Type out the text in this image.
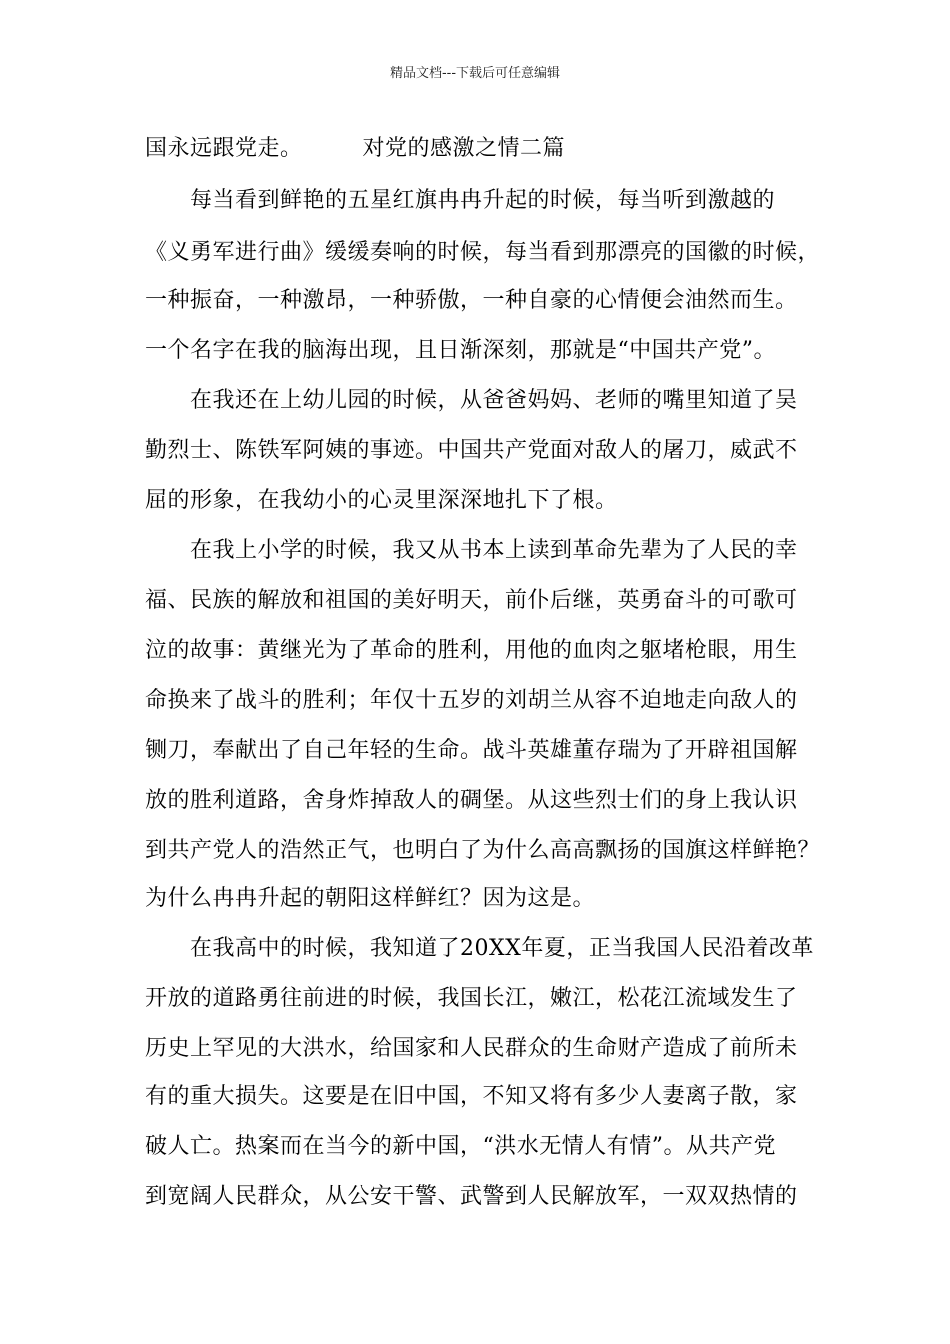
精品文档---下载后可任意编辑
国永远跟党走。	对党的感激之情二篇
每当看到鲜艳的五星红旗冉冉升起的时候，每当听到激越的
《义勇军进行曲》缓缓奏响的时候，每当看到那漂亮的国徽的时候，
一种振奋，一种激昂，一种骄傲，一种自豪的心情便会油然而生。
一个名字在我的脑海出现，且日渐深刻，那就是“中国共产党”。
在我还在上幼儿园的时候，从爸爸妈妈、老师的嘴里知道了吴
勤烈士、陈铁军阿姨的事迹。中国共产党面对敌人的屠刀，威武不
屈的形象，在我幼小的心灵里深深地扎下了根。
在我上小学的时候，我又从书本上读到革命先辈为了人民的幸
福、民族的解放和祖国的美好明天，前仆后继，英勇奋斗的可歌可
泣的故事：黄继光为了革命的胜利，用他的血肉之躯堵枪眼，用生
命换来了战斗的胜利；年仅十五岁的刘胡兰从容不迫地走向敌人的
铡刀，奉献出了自己年轻的生命。战斗英雄董存瑞为了开辟祖国解
放的胜利道路，舍身炸掉敌人的碉堡。从这些烈士们的身上我认识
到共产党人的浩然正气，也明白了为什么高高飘扬的国旗这样鲜艳？
为什么冉冉升起的朝阳这样鲜红？因为这是。
在我高中的时候，我知道了20XX年夏，正当我国人民沿着改革
开放的道路勇往前进的时候，我国长江，嫩江，松花江流域发生了
历史上罕见的大洪水，给国家和人民群众的生命财产造成了前所未
有的重大损失。这要是在旧中国，不知又将有多少人妻离子散，家
破人亡。热案而在当今的新中国，“洪水无情人有情”。从共产党
到宽阔人民群众，从公安干警、武警到人民解放军，一双双热情的
